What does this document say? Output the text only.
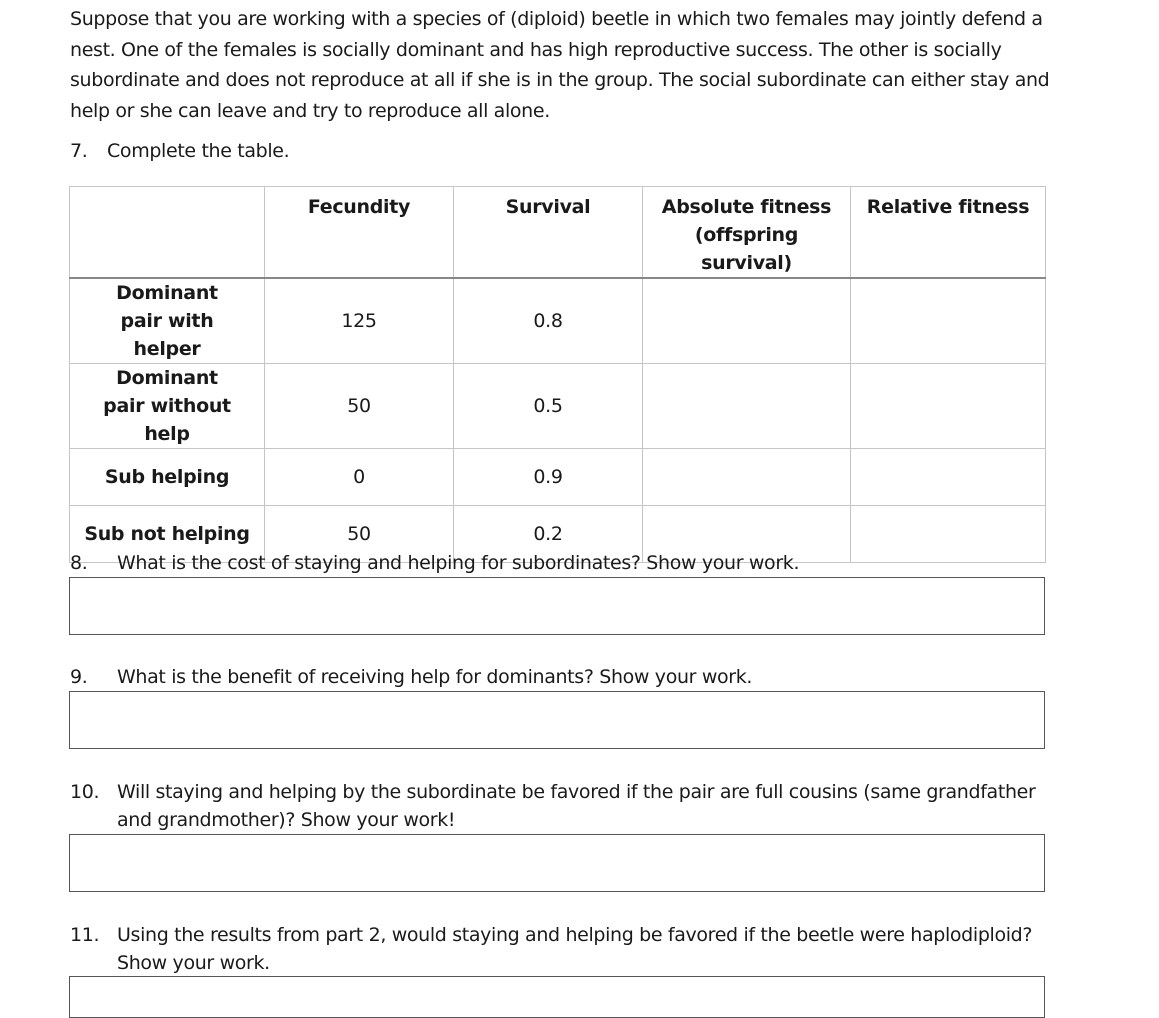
Suppose that you are working with a species of (diploid) beetle in which two females may jointly defend a nest. One of the females is socially dominant and has high reproductive success. The other is socially subordinate and does not reproduce at all if she is in the group. The social subordinate can either stay and help or she can leave and try to reproduce all alone.
7. Complete the table.
	Fecundity	Survival	Absolute fitness (offspring survival)	Relative fitness

Dominant pair with helper	125	0.8		

Dominant pair without help	50	0.5		
Sub helping	0	0.9		
Sub not helping	50	0.2		
8. What is the cost of staying and helping for subordinates? Show your work.
9. What is the benefit of receiving help for dominants? Show your work.
10. Will staying and helping by the subordinate be favored if the pair are full cousins (same grandfather and grandmother)? Show your work!
11. Using the results from part 2, would staying and helping be favored if the beetle were haplodiploid? Show your work.
